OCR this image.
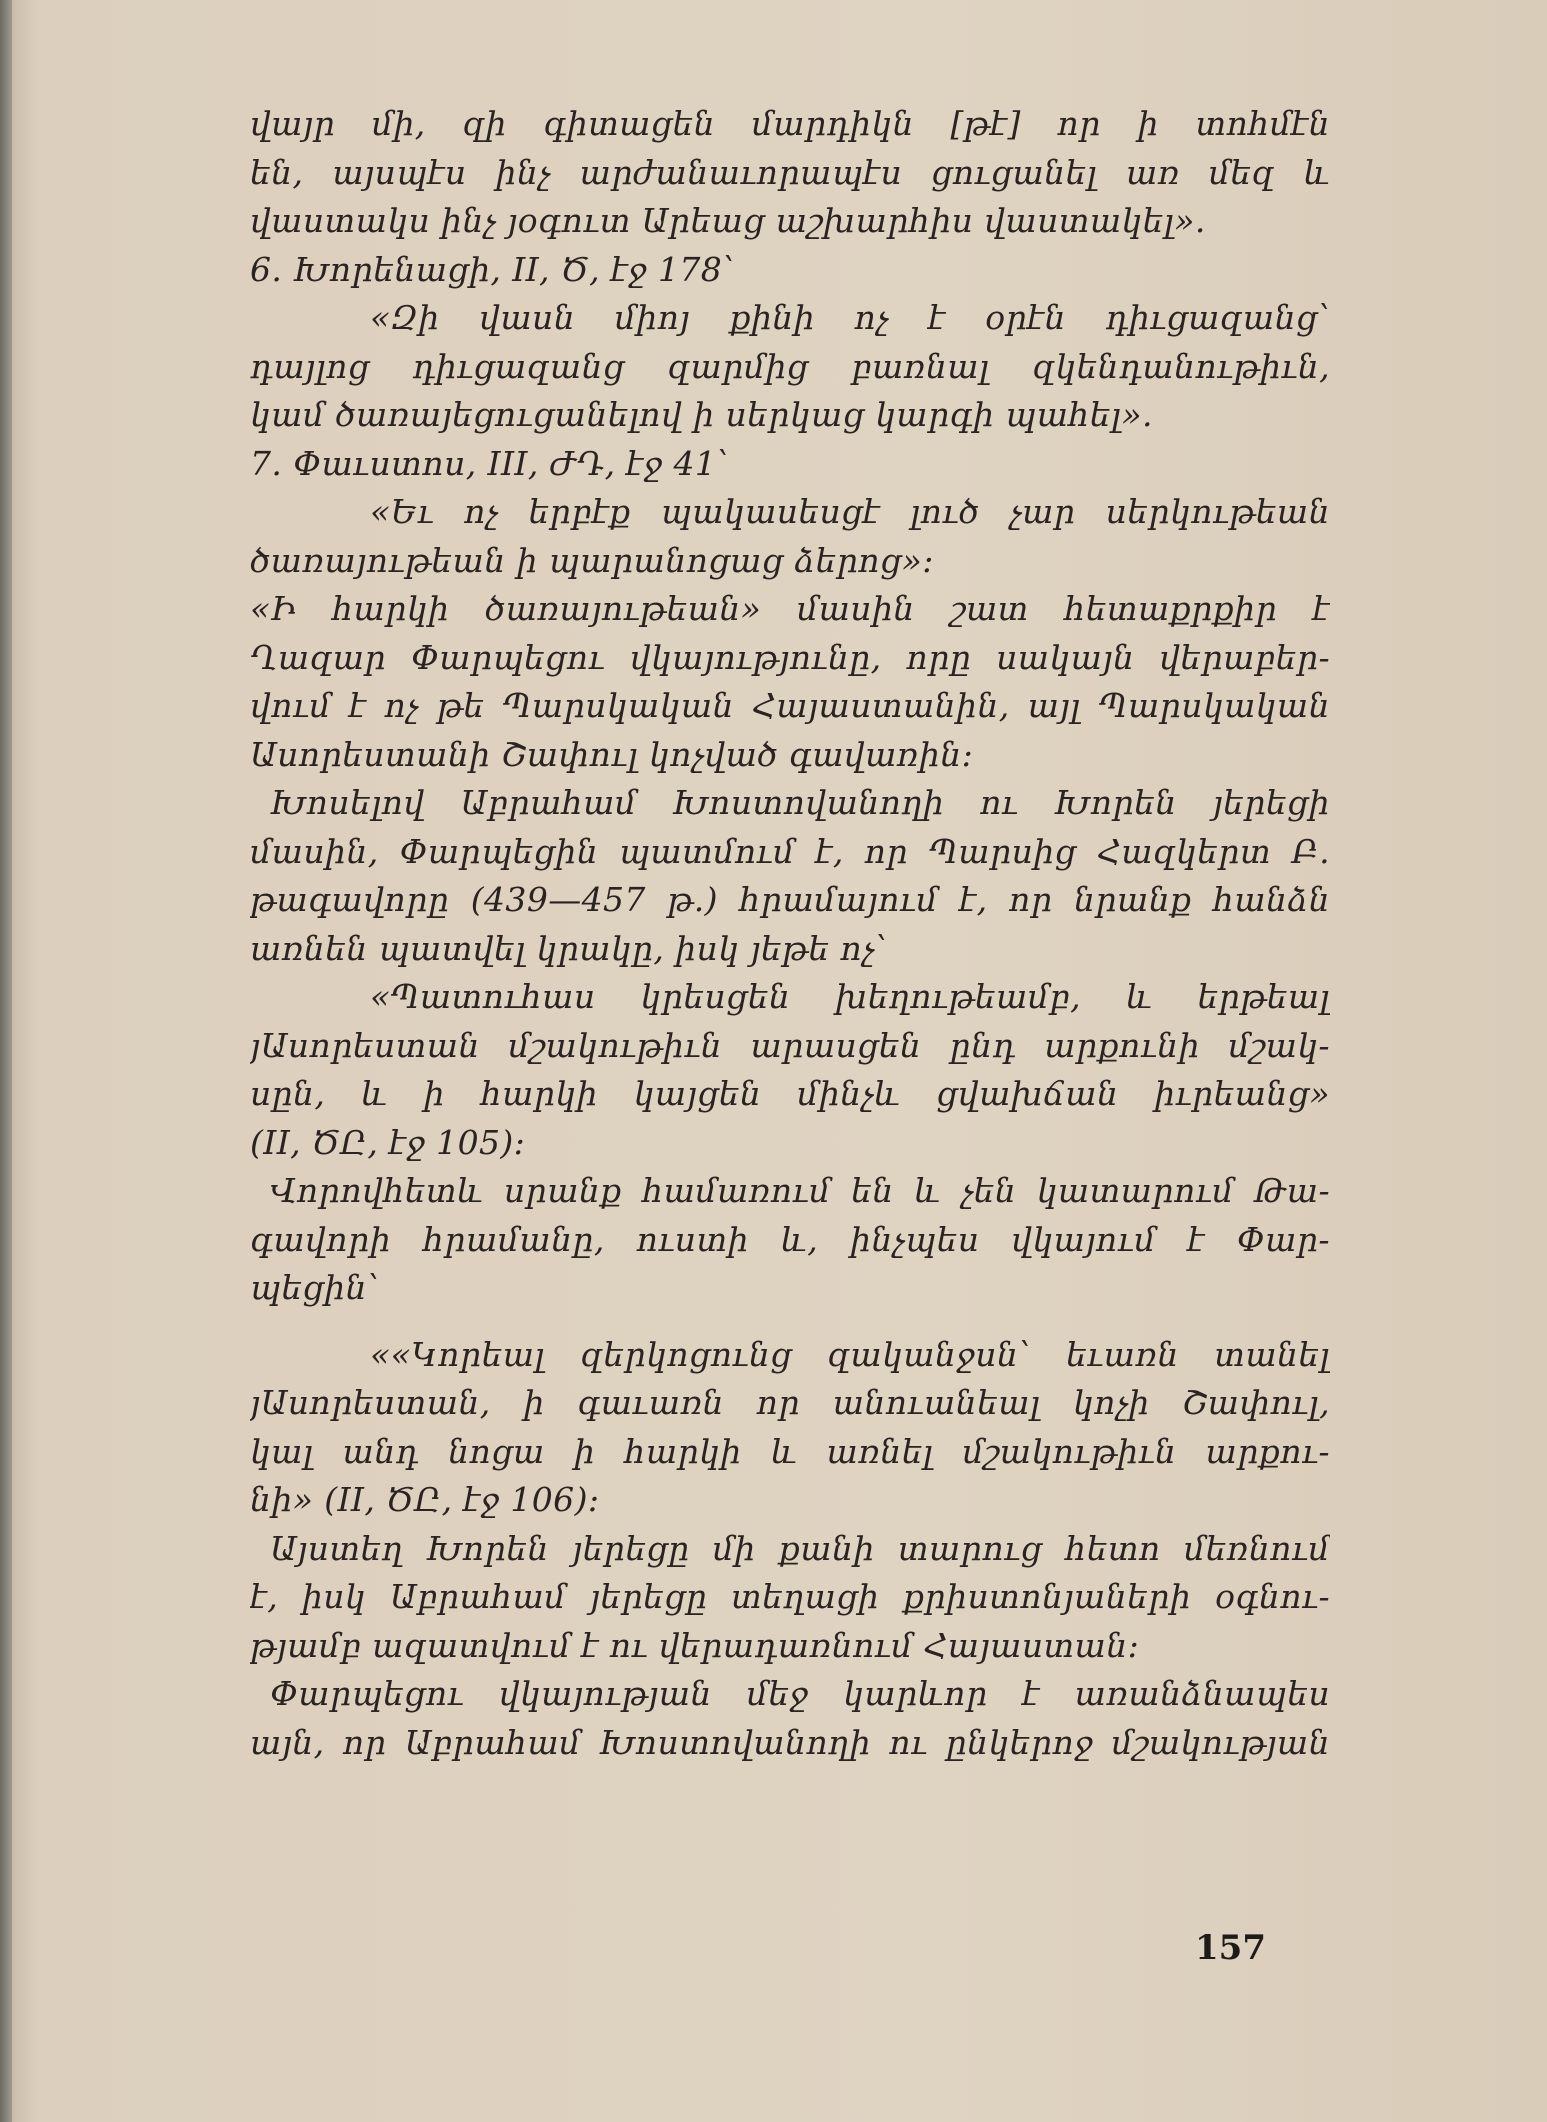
վայր մի, զի գիտացեն մարդիկն [թէ] որ ի տոհմէն
են, այսպէս ինչ արժանաւորապէս ցուցանել առ մեզ և
վաստակս ինչ յօգուտ Արեաց աշխարհիս վաստակել».
6. Խորենացի, II, Ծ, էջ 178՝
«Զի վասն միոյ քինի ոչ է օրէն դիւցազանց՝
դայլոց դիւցազանց զարմից բառնալ զկենդանութիւն,
կամ ծառայեցուցանելով ի սերկաց կարգի պահել».
7. Փաւստոս, III, ԺԴ, էջ 41՝
«Եւ ոչ երբէք պակասեսցէ լուծ չար սերկութեան
ծառայութեան ի պարանոցաց ձերոց»։
«Ի հարկի ծառայութեան» մասին շատ հետաքրքիր է
Ղազար Փարպեցու վկայությունը, որը սակայն վերաբեր-
վում է ոչ թե Պարսկական Հայաստանին, այլ Պարսկական
Ասորեստանի Շափուլ կոչված գավառին։
Խոսելով Աբրահամ Խոստովանողի ու Խորեն յերեցի
մասին, Փարպեցին պատմում է, որ Պարսից Հազկերտ Բ.
թագավորը (439—457 թ.) հրամայում է, որ նրանք հանձն
առնեն պատվել կրակը, իսկ յեթե ոչ՝
«Պատուհաս կրեսցեն խեղութեամբ, և երթեալ
յԱսորեստան մշակութիւն արասցեն ընդ արքունի մշակ-
սըն, և ի հարկի կայցեն մինչև ցվախճան իւրեանց»
(II, ԾԸ, էջ 105)։
Վորովհետև սրանք համառում են և չեն կատարում Թա-
գավորի հրամանը, ուստի և, ինչպես վկայում է Փար-
պեցին՝
««Կորեալ զերկոցունց զականջսն՝ եւառն տանել
յԱսորեստան, ի գաւառն որ անուանեալ կոչի Շափուլ,
կալ անդ նոցա ի հարկի և առնել մշակութիւն արքու-
նի» (II, ԾԸ, էջ 106)։
Այստեղ Խորեն յերեցը մի քանի տարուց հետո մեռնում
է, իսկ Աբրահամ յերեցը տեղացի քրիստոնյաների օգնու-
թյամբ ազատվում է ու վերադառնում Հայաստան։
Փարպեցու վկայության մեջ կարևոր է առանձնապես
այն, որ Աբրահամ Խոստովանողի ու ընկերոջ մշակության
157
